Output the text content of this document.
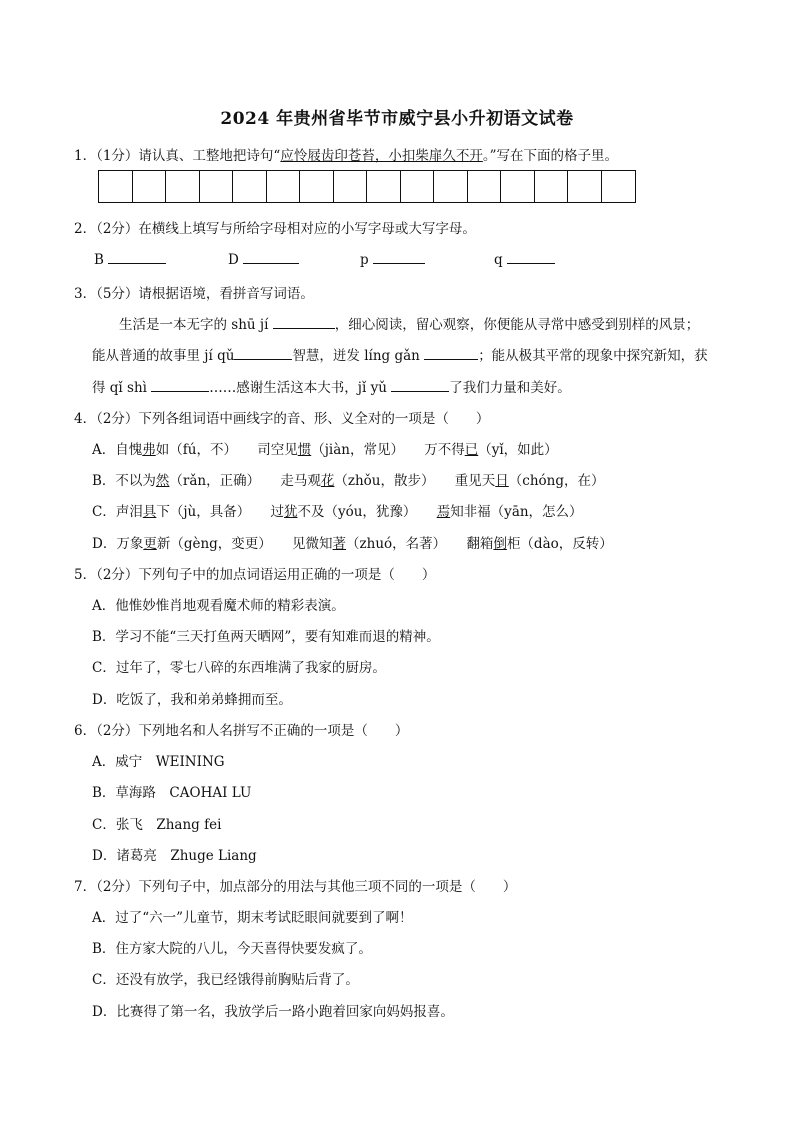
2024 年贵州省毕节市威宁县小升初语文试卷
1．（1分）请认真、工整地把诗句“应怜屐齿印苍苔，小扣柴扉久不开。”写在下面的格子里。
2．（2分）在横线上填写与所给字母相对应的小写字母或大写字母。
B	D	p	q
3．（5分）请根据语境，看拼音写词语。
生活是一本无字的 shū jí	，细心阅读，留心观察，你便能从寻常中感受到别样的风景；
能从普通的故事里 jí qǔ	智慧，迸发 líng gǎn	；能从极其平常的现象中探究新知，获
得 qǐ shì	……感谢生活这本大书，jǐ yǔ	了我们力量和美好。
4．（2分）下列各组词语中画线字的音、形、义全对的一项是（　　）
A．自愧弗如（fú，不）　　 司空见惯（jiàn，常见）　　 万不得已（yǐ，如此）
B．不以为然（rǎn，正确）　　 走马观花（zhǒu，散步）　　 重见天日（chóng，在）
C．声泪具下（jù，具备）　　 过犹不及（yóu，犹豫）　　 焉知非福（yān，怎么）
D．万象更新（gèng，变更）　　 见微知著（zhuó，名著）　　 翻箱倒柜（dào，反转）
5．（2分）下列句子中的加点词语运用正确的一项是（　　）
A．他惟妙惟肖地观看魔术师的精彩表演。
B．学习不能“三天打鱼两天晒网”，要有知难而退的精神。
C．过年了，零七八碎的东西堆满了我家的厨房。
D．吃饭了，我和弟弟蜂拥而至。
6．（2分）下列地名和人名拼写不正确的一项是（　　）
A．威宁　WEINING
B．草海路　CAOHAI LU
C．张飞　Zhang fei
D．诸葛亮　Zhuge Liang
7．（2分）下列句子中，加点部分的用法与其他三项不同的一项是（　　）
A．过了“六一”儿童节，期末考试眨眼间就要到了啊！
B．住方家大院的八儿，今天喜得快要发疯了。
C．还没有放学，我已经饿得前胸贴后背了。
D．比赛得了第一名，我放学后一路小跑着回家向妈妈报喜。
